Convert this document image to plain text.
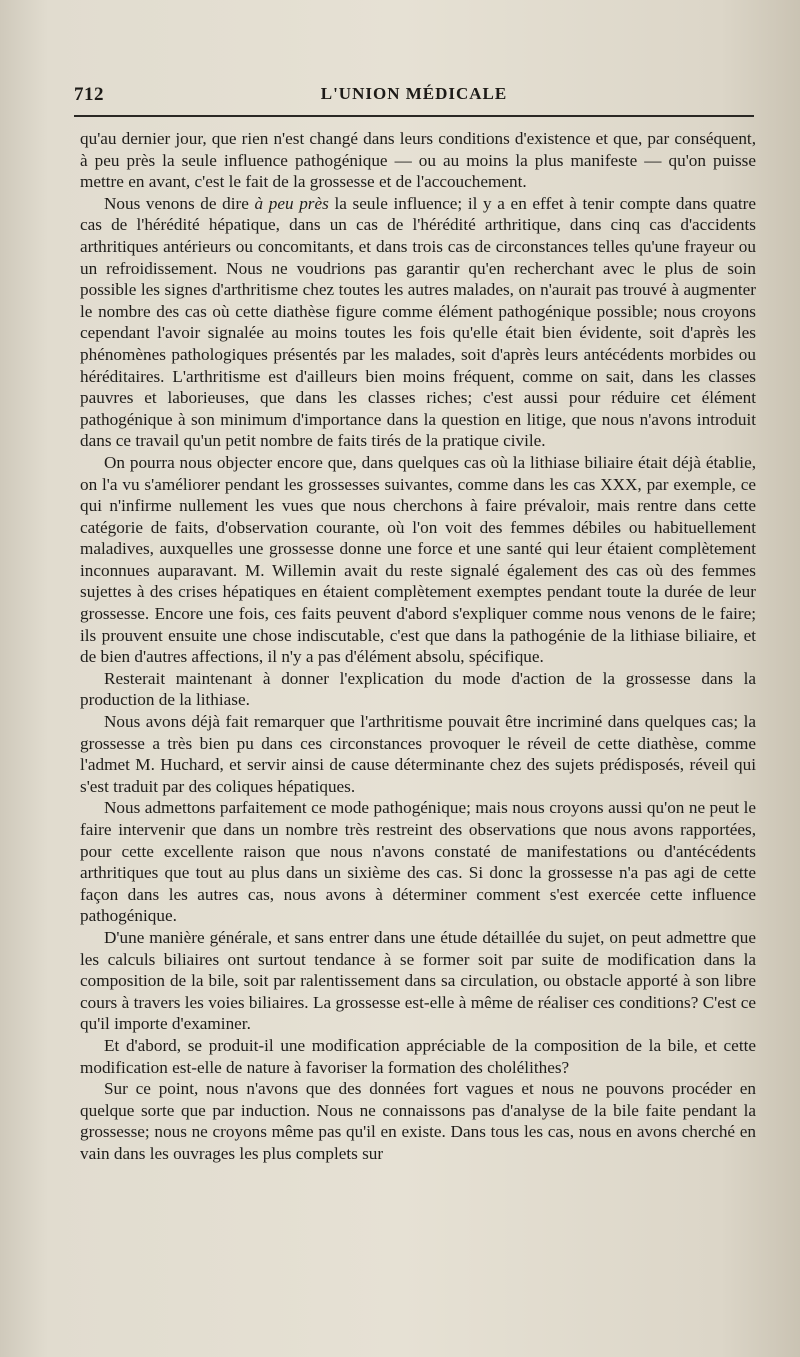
712	L'UNION MÉDICALE

qu'au dernier jour, que rien n'est changé dans leurs conditions d'existence et que, par conséquent, à peu près la seule influence pathogénique — ou au moins la plus manifeste — qu'on puisse mettre en avant, c'est le fait de la grossesse et de l'accouchement.

Nous venons de dire à peu près la seule influence; il y a en effet à tenir compte dans quatre cas de l'hérédité hépatique, dans un cas de l'hérédité arthritique, dans cinq cas d'accidents arthritiques antérieurs ou concomitants, et dans trois cas de circonstances telles qu'une frayeur ou un refroidissement. Nous ne voudrions pas garantir qu'en recherchant avec le plus de soin possible les signes d'arthritisme chez toutes les autres malades, on n'aurait pas trouvé à augmenter le nombre des cas où cette diathèse figure comme élément pathogénique possible; nous croyons cependant l'avoir signalée au moins toutes les fois qu'elle était bien évidente, soit d'après les phénomènes pathologiques présentés par les malades, soit d'après leurs antécédents morbides ou héréditaires. L'arthritisme est d'ailleurs bien moins fréquent, comme on sait, dans les classes pauvres et laborieuses, que dans les classes riches; c'est aussi pour réduire cet élément pathogénique à son minimum d'importance dans la question en litige, que nous n'avons introduit dans ce travail qu'un petit nombre de faits tirés de la pratique civile.

On pourra nous objecter encore que, dans quelques cas où la lithiase biliaire était déjà établie, on l'a vu s'améliorer pendant les grossesses suivantes, comme dans les cas XXX, par exemple, ce qui n'infirme nullement les vues que nous cherchons à faire prévaloir, mais rentre dans cette catégorie de faits, d'observation courante, où l'on voit des femmes débiles ou habituellement maladives, auxquelles une grossesse donne une force et une santé qui leur étaient complètement inconnues auparavant. M. Willemin avait du reste signalé également des cas où des femmes sujettes à des crises hépatiques en étaient complètement exemptes pendant toute la durée de leur grossesse. Encore une fois, ces faits peuvent d'abord s'expliquer comme nous venons de le faire; ils prouvent ensuite une chose indiscutable, c'est que dans la pathogénie de la lithiase biliaire, et de bien d'autres affections, il n'y a pas d'élément absolu, spécifique.

Resterait maintenant à donner l'explication du mode d'action de la grossesse dans la production de la lithiase.

Nous avons déjà fait remarquer que l'arthritisme pouvait être incriminé dans quelques cas; la grossesse a très bien pu dans ces circonstances provoquer le réveil de cette diathèse, comme l'admet M. Huchard, et servir ainsi de cause déterminante chez des sujets prédisposés, réveil qui s'est traduit par des coliques hépatiques.

Nous admettons parfaitement ce mode pathogénique; mais nous croyons aussi qu'on ne peut le faire intervenir que dans un nombre très restreint des observations que nous avons rapportées, pour cette excellente raison que nous n'avons constaté de manifestations ou d'antécédents arthritiques que tout au plus dans un sixième des cas. Si donc la grossesse n'a pas agi de cette façon dans les autres cas, nous avons à déterminer comment s'est exercée cette influence pathogénique.

D'une manière générale, et sans entrer dans une étude détaillée du sujet, on peut admettre que les calculs biliaires ont surtout tendance à se former soit par suite de modification dans la composition de la bile, soit par ralentissement dans sa circulation, ou obstacle apporté à son libre cours à travers les voies biliaires. La grossesse est-elle à même de réaliser ces conditions? C'est ce qu'il importe d'examiner.

Et d'abord, se produit-il une modification appréciable de la composition de la bile, et cette modification est-elle de nature à favoriser la formation des cholélithes?

Sur ce point, nous n'avons que des données fort vagues et nous ne pouvons procéder en quelque sorte que par induction. Nous ne connaissons pas d'analyse de la bile faite pendant la grossesse; nous ne croyons même pas qu'il en existe. Dans tous les cas, nous en avons cherché en vain dans les ouvrages les plus complets sur
